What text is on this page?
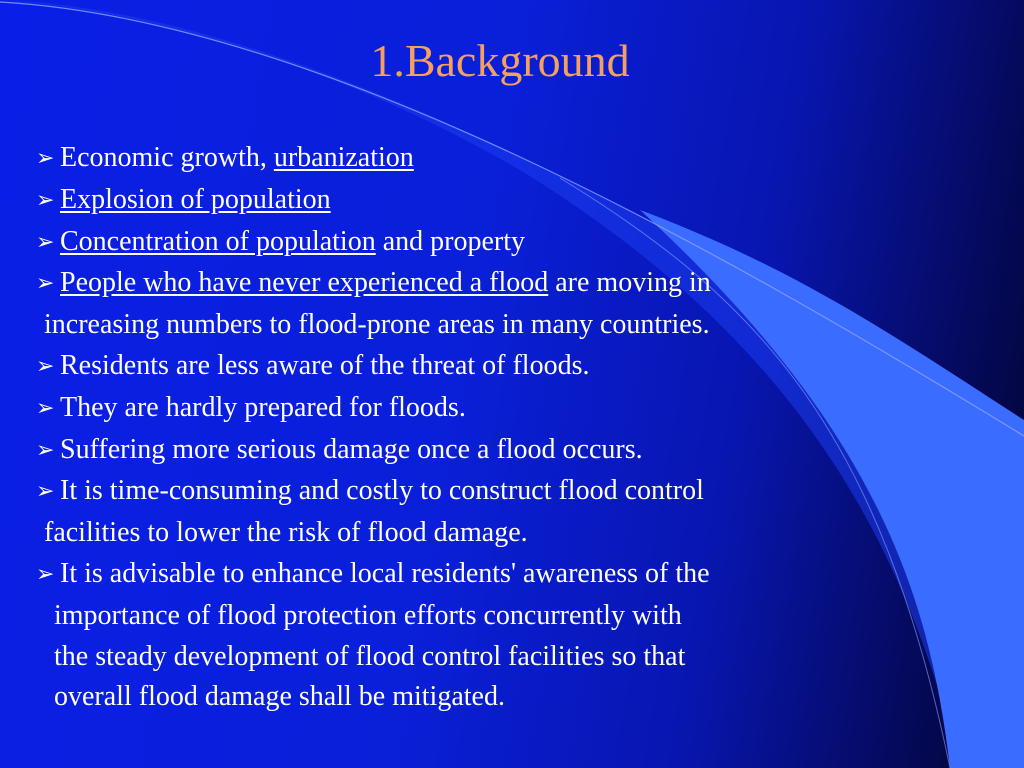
1.Background
➢ Economic growth, urbanization
➢ Explosion of population
➢ Concentration of population and property
➢ People who have never experienced a flood are moving in
increasing numbers to flood-prone areas in many countries.
➢ Residents are less aware of the threat of floods.
➢ They are hardly prepared for floods.
➢ Suffering more serious damage once a flood occurs.
➢ It is time-consuming and costly to construct flood control
facilities to lower the risk of flood damage.
➢ It is advisable to enhance local residents' awareness of the
importance of flood protection efforts concurrently with
the steady development of flood control facilities so that
overall flood damage shall be mitigated.
